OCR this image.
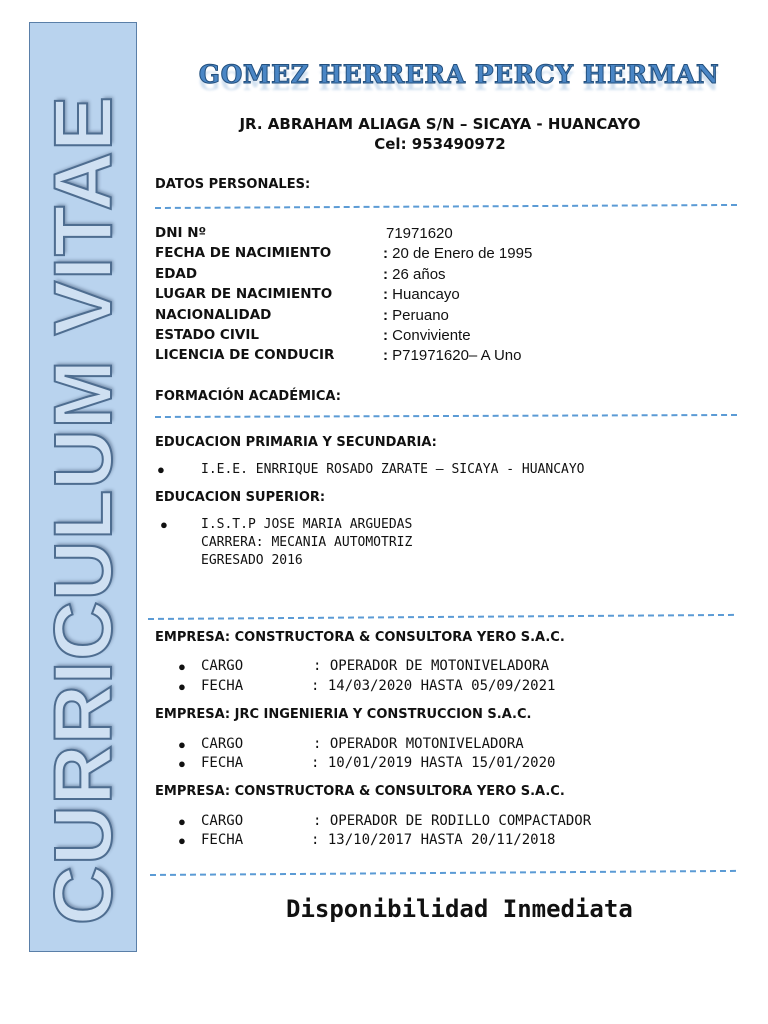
CURRICULUM VITAE
GOMEZ HERRERA PERCY HERMAN
JR. ABRAHAM ALIAGA S/N – SICAYA - HUANCAYO
Cel: 953490972
DATOS PERSONALES:
DNI Nº	71971620
FECHA DE NACIMIENTO	: 20 de Enero de 1995
EDAD	: 26 años
LUGAR DE NACIMIENTO	: Huancayo
NACIONALIDAD	: Peruano
ESTADO CIVIL	: Conviviente
LICENCIA DE CONDUCIR	: P71971620– A Uno
FORMACIÓN ACADÉMICA:
EDUCACION PRIMARIA Y SECUNDARIA:
●	I.E.E. ENRRIQUE ROSADO ZARATE – SICAYA - HUANCAYO
EDUCACION SUPERIOR:
●	I.S.T.P JOSE MARIA ARGUEDAS
CARRERA: MECANIA AUTOMOTRIZ
EGRESADO 2016
EMPRESA: CONSTRUCTORA & CONSULTORA YERO S.A.C.
● CARGO	: OPERADOR DE MOTONIVELADORA
● FECHA	: 14/03/2020 HASTA 05/09/2021
EMPRESA: JRC INGENIERIA Y CONSTRUCCION S.A.C.
● CARGO	: OPERADOR MOTONIVELADORA
● FECHA	: 10/01/2019 HASTA 15/01/2020
EMPRESA: CONSTRUCTORA & CONSULTORA YERO S.A.C.
● CARGO	: OPERADOR DE RODILLO COMPACTADOR
● FECHA	: 13/10/2017 HASTA 20/11/2018
Disponibilidad Inmediata
